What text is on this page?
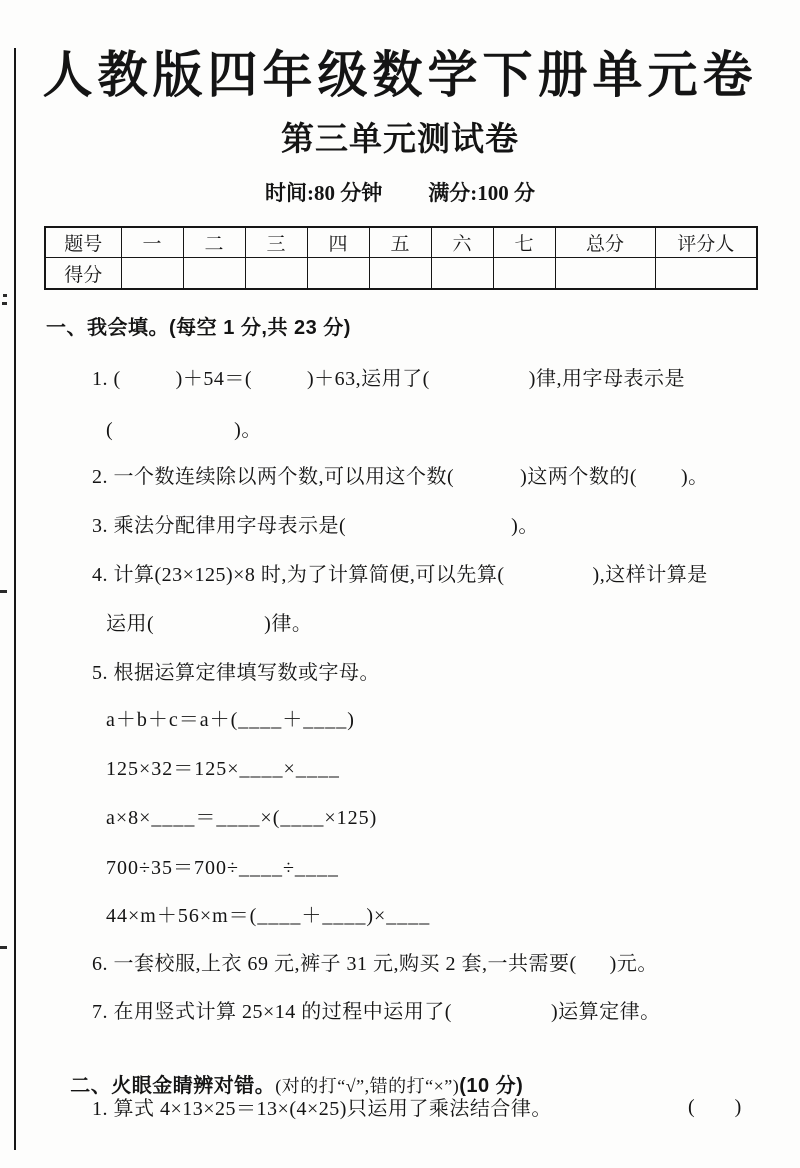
人教版四年级数学下册单元卷
第三单元测试卷
时间:80 分钟 满分:100 分
题号	一	二	三	四	五	六	七	总分	评分人
得分									
一、我会填。(每空 1 分,共 23 分)
1. (          )＋54＝(          )＋63,运用了(                  )律,用字母表示是
(                      )。
2. 一个数连续除以两个数,可以用这个数(            )这两个数的(        )。
3. 乘法分配律用字母表示是(                              )。
4. 计算(23×125)×8 时,为了计算简便,可以先算(                ),这样计算是
运用(                    )律。
5. 根据运算定律填写数或字母。
a＋b＋c＝a＋(____＋____)
125×32＝125×____×____
a×8×____＝____×(____×125)
700÷35＝700÷____÷____
44×m＋56×m＝(____＋____)×____
6. 一套校服,上衣 69 元,裤子 31 元,购买 2 套,一共需要(      )元。
7. 在用竖式计算 25×14 的过程中运用了(                  )运算定律。

二、火眼金睛辨对错。(对的打“√”,错的打“×”)(10 分)

1. 算式 4×13×25＝13×(4×25)只运用了乘法结合律。	(        )
